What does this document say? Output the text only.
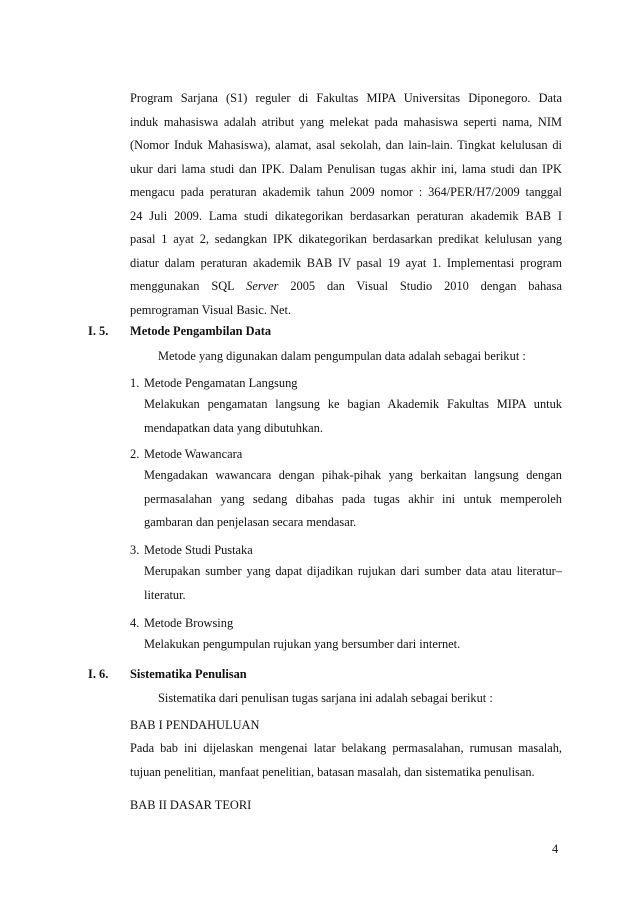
Program Sarjana (S1) reguler di Fakultas MIPA Universitas Diponegoro. Data
induk mahasiswa adalah atribut yang melekat pada mahasiswa seperti nama, NIM
(Nomor Induk Mahasiswa), alamat, asal sekolah, dan lain-lain. Tingkat kelulusan di
ukur dari lama studi dan IPK. Dalam Penulisan tugas akhir ini, lama studi dan IPK
mengacu pada peraturan akademik tahun 2009 nomor : 364/PER/H7/2009 tanggal
24 Juli 2009. Lama studi dikategorikan berdasarkan peraturan akademik BAB I
pasal 1 ayat 2, sedangkan IPK dikategorikan berdasarkan predikat kelulusan yang
diatur dalam peraturan akademik BAB IV pasal 19 ayat 1. Implementasi program
menggunakan SQL Server 2005 dan Visual Studio 2010 dengan bahasa
pemrograman Visual Basic. Net.

I. 5. Metode Pengambilan Data

Metode yang digunakan dalam pengumpulan data adalah sebagai berikut :

1. Metode Pengamatan Langsung
Melakukan pengamatan langsung ke bagian Akademik Fakultas MIPA untuk
mendapatkan data yang dibutuhkan.
2. Metode Wawancara
Mengadakan wawancara dengan pihak-pihak yang berkaitan langsung dengan
permasalahan yang sedang dibahas pada tugas akhir ini untuk memperoleh
gambaran dan penjelasan secara mendasar.
3. Metode Studi Pustaka
Merupakan sumber yang dapat dijadikan rujukan dari sumber data atau literatur–
literatur.
4. Metode Browsing
Melakukan pengumpulan rujukan yang bersumber dari internet.

I. 6. Sistematika Penulisan

Sistematika dari penulisan tugas sarjana ini adalah sebagai berikut :

BAB I PENDAHULUAN

Pada bab ini dijelaskan mengenai latar belakang permasalahan, rumusan masalah,
tujuan penelitian, manfaat penelitian, batasan masalah, dan sistematika penulisan.

BAB II DASAR TEORI

4
